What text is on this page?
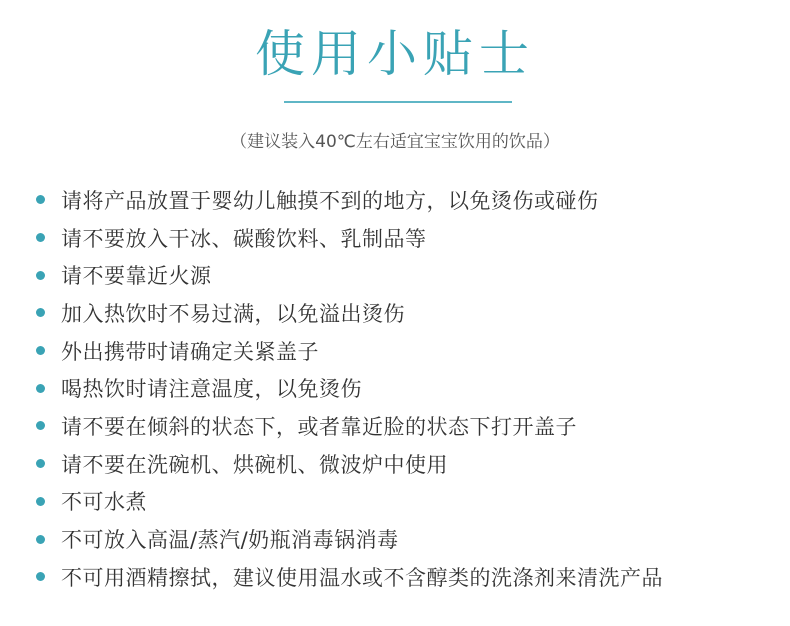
使用小贴士
（建议装入40℃左右适宜宝宝饮用的饮品）
请将产品放置于婴幼儿触摸不到的地方，以免烫伤或碰伤
请不要放入干冰、碳酸饮料、乳制品等
请不要靠近火源
加入热饮时不易过满，以免溢出烫伤
外出携带时请确定关紧盖子
喝热饮时请注意温度，以免烫伤
请不要在倾斜的状态下，或者靠近脸的状态下打开盖子
请不要在洗碗机、烘碗机、微波炉中使用
不可水煮
不可放入高温/蒸汽/奶瓶消毒锅消毒
不可用酒精擦拭，建议使用温水或不含醇类的洗涤剂来清洗产品
